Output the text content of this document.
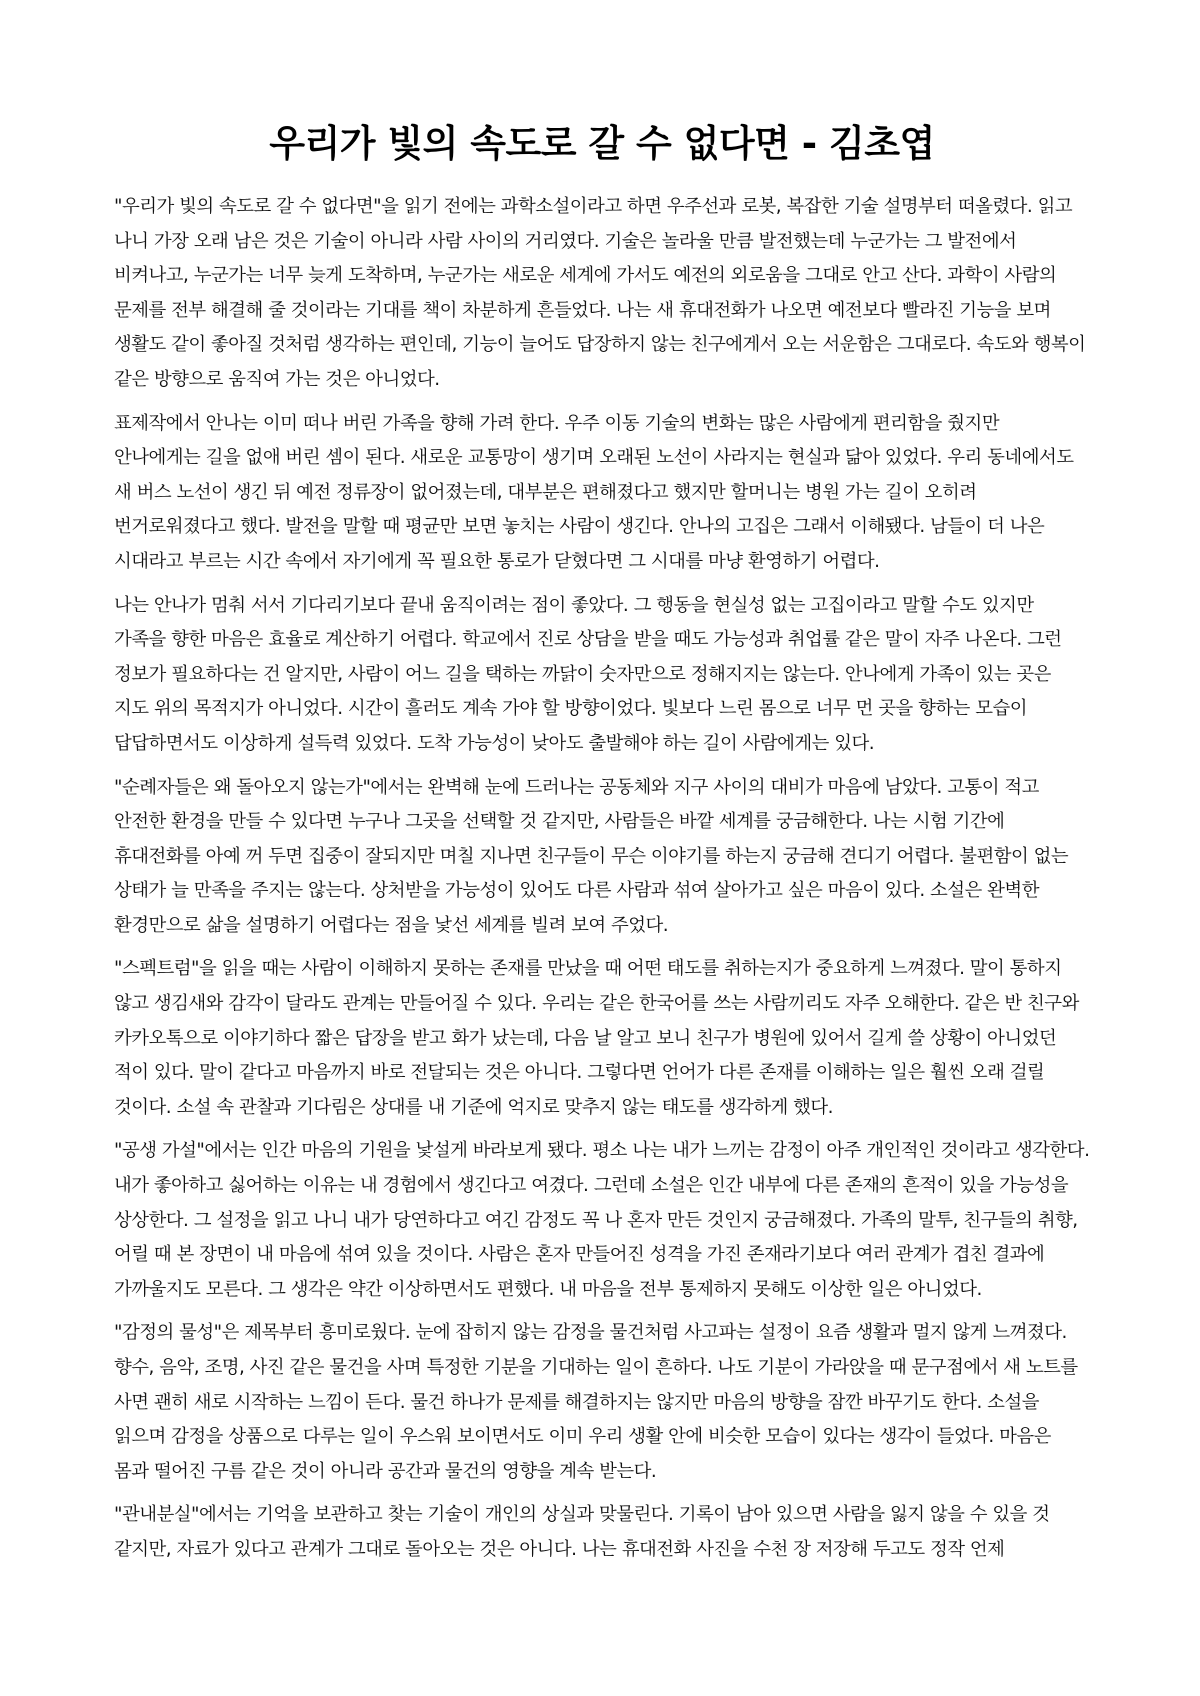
우리가 빛의 속도로 갈 수 없다면 - 김초엽

"우리가 빛의 속도로 갈 수 없다면"을 읽기 전에는 과학소설이라고 하면 우주선과 로봇, 복잡한 기술 설명부터 떠올렸다. 읽고 나니 가장 오래 남은 것은 기술이 아니라 사람 사이의 거리였다. 기술은 놀라울 만큼 발전했는데 누군가는 그 발전에서 비켜나고, 누군가는 너무 늦게 도착하며, 누군가는 새로운 세계에 가서도 예전의 외로움을 그대로 안고 산다. 과학이 사람의 문제를 전부 해결해 줄 것이라는 기대를 책이 차분하게 흔들었다. 나는 새 휴대전화가 나오면 예전보다 빨라진 기능을 보며 생활도 같이 좋아질 것처럼 생각하는 편인데, 기능이 늘어도 답장하지 않는 친구에게서 오는 서운함은 그대로다. 속도와 행복이 같은 방향으로 움직여 가는 것은 아니었다.

표제작에서 안나는 이미 떠나 버린 가족을 향해 가려 한다. 우주 이동 기술의 변화는 많은 사람에게 편리함을 줬지만 안나에게는 길을 없애 버린 셈이 된다. 새로운 교통망이 생기며 오래된 노선이 사라지는 현실과 닮아 있었다. 우리 동네에서도 새 버스 노선이 생긴 뒤 예전 정류장이 없어졌는데, 대부분은 편해졌다고 했지만 할머니는 병원 가는 길이 오히려 번거로워졌다고 했다. 발전을 말할 때 평균만 보면 놓치는 사람이 생긴다. 안나의 고집은 그래서 이해됐다. 남들이 더 나은 시대라고 부르는 시간 속에서 자기에게 꼭 필요한 통로가 닫혔다면 그 시대를 마냥 환영하기 어렵다.

나는 안나가 멈춰 서서 기다리기보다 끝내 움직이려는 점이 좋았다. 그 행동을 현실성 없는 고집이라고 말할 수도 있지만 가족을 향한 마음은 효율로 계산하기 어렵다. 학교에서 진로 상담을 받을 때도 가능성과 취업률 같은 말이 자주 나온다. 그런 정보가 필요하다는 건 알지만, 사람이 어느 길을 택하는 까닭이 숫자만으로 정해지지는 않는다. 안나에게 가족이 있는 곳은 지도 위의 목적지가 아니었다. 시간이 흘러도 계속 가야 할 방향이었다. 빛보다 느린 몸으로 너무 먼 곳을 향하는 모습이 답답하면서도 이상하게 설득력 있었다. 도착 가능성이 낮아도 출발해야 하는 길이 사람에게는 있다.

"순례자들은 왜 돌아오지 않는가"에서는 완벽해 눈에 드러나는 공동체와 지구 사이의 대비가 마음에 남았다. 고통이 적고 안전한 환경을 만들 수 있다면 누구나 그곳을 선택할 것 같지만, 사람들은 바깥 세계를 궁금해한다. 나는 시험 기간에 휴대전화를 아예 꺼 두면 집중이 잘되지만 며칠 지나면 친구들이 무슨 이야기를 하는지 궁금해 견디기 어렵다. 불편함이 없는 상태가 늘 만족을 주지는 않는다. 상처받을 가능성이 있어도 다른 사람과 섞여 살아가고 싶은 마음이 있다. 소설은 완벽한 환경만으로 삶을 설명하기 어렵다는 점을 낯선 세계를 빌려 보여 주었다.

"스펙트럼"을 읽을 때는 사람이 이해하지 못하는 존재를 만났을 때 어떤 태도를 취하는지가 중요하게 느껴졌다. 말이 통하지 않고 생김새와 감각이 달라도 관계는 만들어질 수 있다. 우리는 같은 한국어를 쓰는 사람끼리도 자주 오해한다. 같은 반 친구와 카카오톡으로 이야기하다 짧은 답장을 받고 화가 났는데, 다음 날 알고 보니 친구가 병원에 있어서 길게 쓸 상황이 아니었던 적이 있다. 말이 같다고 마음까지 바로 전달되는 것은 아니다. 그렇다면 언어가 다른 존재를 이해하는 일은 훨씬 오래 걸릴 것이다. 소설 속 관찰과 기다림은 상대를 내 기준에 억지로 맞추지 않는 태도를 생각하게 했다.

"공생 가설"에서는 인간 마음의 기원을 낯설게 바라보게 됐다. 평소 나는 내가 느끼는 감정이 아주 개인적인 것이라고 생각한다. 내가 좋아하고 싫어하는 이유는 내 경험에서 생긴다고 여겼다. 그런데 소설은 인간 내부에 다른 존재의 흔적이 있을 가능성을 상상한다. 그 설정을 읽고 나니 내가 당연하다고 여긴 감정도 꼭 나 혼자 만든 것인지 궁금해졌다. 가족의 말투, 친구들의 취향, 어릴 때 본 장면이 내 마음에 섞여 있을 것이다. 사람은 혼자 만들어진 성격을 가진 존재라기보다 여러 관계가 겹친 결과에 가까울지도 모른다. 그 생각은 약간 이상하면서도 편했다. 내 마음을 전부 통제하지 못해도 이상한 일은 아니었다.

"감정의 물성"은 제목부터 흥미로웠다. 눈에 잡히지 않는 감정을 물건처럼 사고파는 설정이 요즘 생활과 멀지 않게 느껴졌다. 향수, 음악, 조명, 사진 같은 물건을 사며 특정한 기분을 기대하는 일이 흔하다. 나도 기분이 가라앉을 때 문구점에서 새 노트를 사면 괜히 새로 시작하는 느낌이 든다. 물건 하나가 문제를 해결하지는 않지만 마음의 방향을 잠깐 바꾸기도 한다. 소설을 읽으며 감정을 상품으로 다루는 일이 우스워 보이면서도 이미 우리 생활 안에 비슷한 모습이 있다는 생각이 들었다. 마음은 몸과 떨어진 구름 같은 것이 아니라 공간과 물건의 영향을 계속 받는다.

"관내분실"에서는 기억을 보관하고 찾는 기술이 개인의 상실과 맞물린다. 기록이 남아 있으면 사람을 잃지 않을 수 있을 것 같지만, 자료가 있다고 관계가 그대로 돌아오는 것은 아니다. 나는 휴대전화 사진을 수천 장 저장해 두고도 정작 언제
